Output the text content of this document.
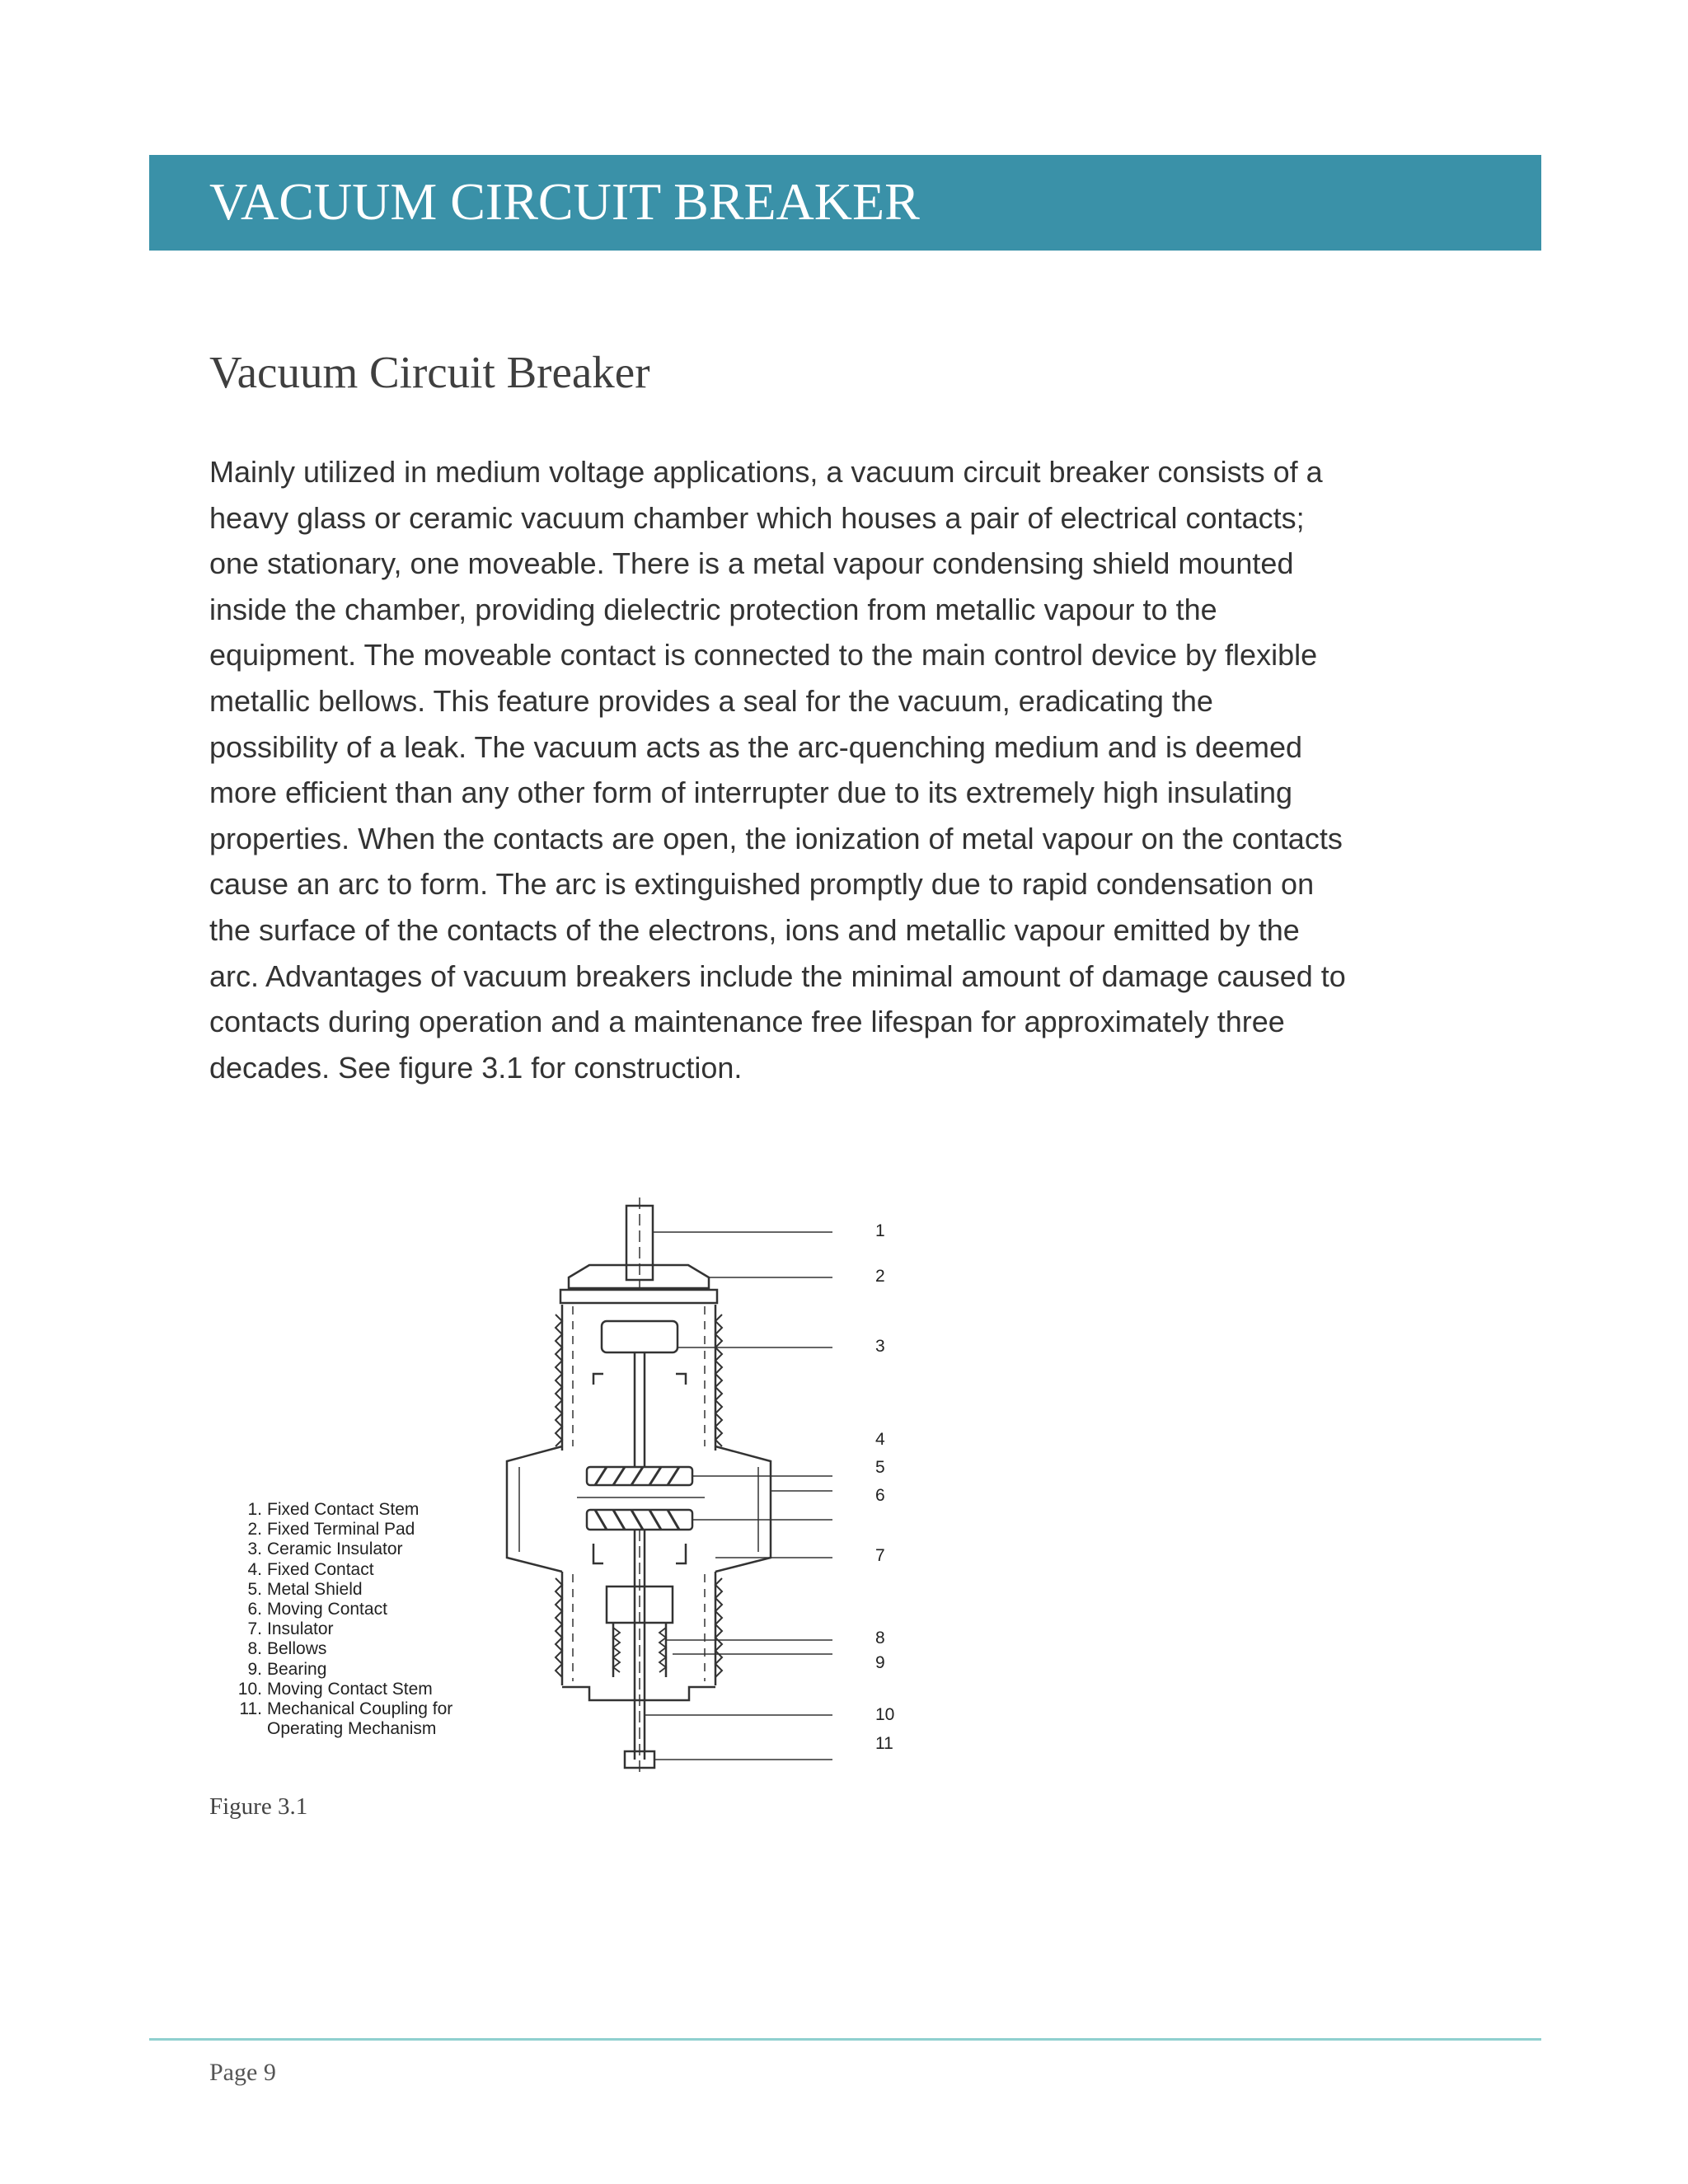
VACUUM CIRCUIT BREAKER
Vacuum Circuit Breaker

Mainly utilized in medium voltage applications, a vacuum circuit breaker consists of a
heavy glass or ceramic vacuum chamber which houses a pair of electrical contacts;
one stationary, one moveable. There is a metal vapour condensing shield mounted
inside the chamber, providing dielectric protection from metallic vapour to the
equipment. The moveable contact is connected to the main control device by flexible
metallic bellows. This feature provides a seal for the vacuum, eradicating the
possibility of a leak. The vacuum acts as the arc-quenching medium and is deemed
more efficient than any other form of interrupter due to its extremely high insulating
properties. When the contacts are open, the ionization of metal vapour on the contacts
cause an arc to form. The arc is extinguished promptly due to rapid condensation on
the surface of the contacts of the electrons, ions and metallic vapour emitted by the
arc. Advantages of vacuum breakers include the minimal amount of damage caused to
contacts during operation and a maintenance free lifespan for approximately three
decades. See figure 3.1 for construction.

1
2
3
4
5
6
7
8
9
10
11
1. Fixed Contact Stem
2. Fixed Terminal Pad
3. Ceramic Insulator
4. Fixed Contact
5. Metal Shield
6. Moving Contact
7. Insulator
8. Bellows
9. Bearing
10. Moving Contact Stem
11. Mechanical Coupling for
Operating Mechanism

Figure 3.1

Page 9
